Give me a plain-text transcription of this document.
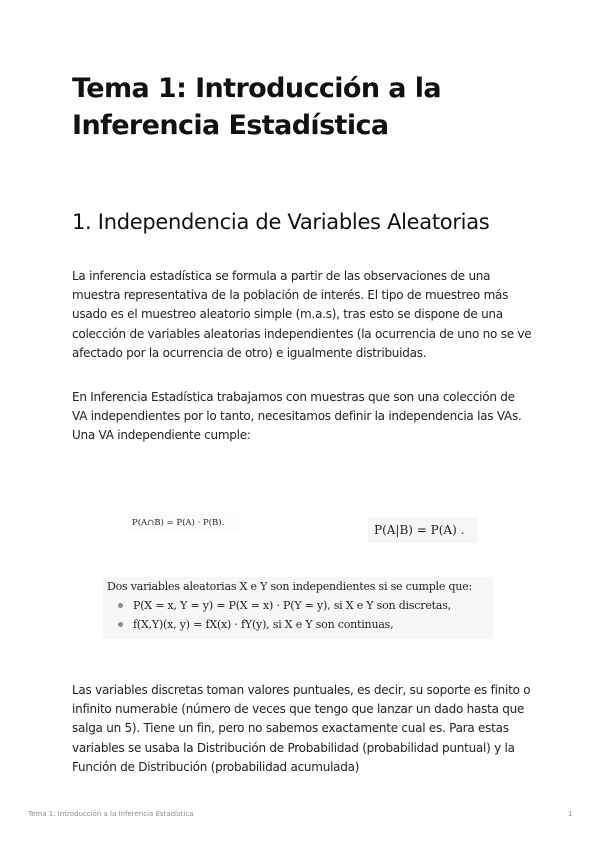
Tema 1: Introducción a la Inferencia Estadística
1. Independencia de Variables Aleatorias

La inferencia estadística se formula a partir de las observaciones de una muestra representativa de la población de interés. El tipo de muestreo más usado es el muestreo aleatorio simple (m.a.s), tras esto se dispone de una colección de variables aleatorias independientes (la ocurrencia de uno no se ve afectado por la ocurrencia de otro) e igualmente distribuidas.

En Inferencia Estadística trabajamos con muestras que son una colección de VA independientes por lo tanto, necesitamos definir la independencia las VAs. Una VA independiente cumple:

P(A∩B) = P(A) · P(B).	P(A|B) = P(A) .
Dos variables aleatorias X e Y son independientes si se cumple que:
P(X = x, Y = y) = P(X = x) · P(Y = y), si X e Y son discretas,
f(X,Y)(x, y) = fX(x) · fY(y), si X e Y son continuas,

Las variables discretas toman valores puntuales, es decir, su soporte es finito o infinito numerable (número de veces que tengo que lanzar un dado hasta que salga un 5). Tiene un fin, pero no sabemos exactamente cual es. Para estas variables se usaba la Distribución de Probabilidad (probabilidad puntual) y la Función de Distribución (probabilidad acumulada)

Tema 1: Introducción a la Inferencia Estadística	1
